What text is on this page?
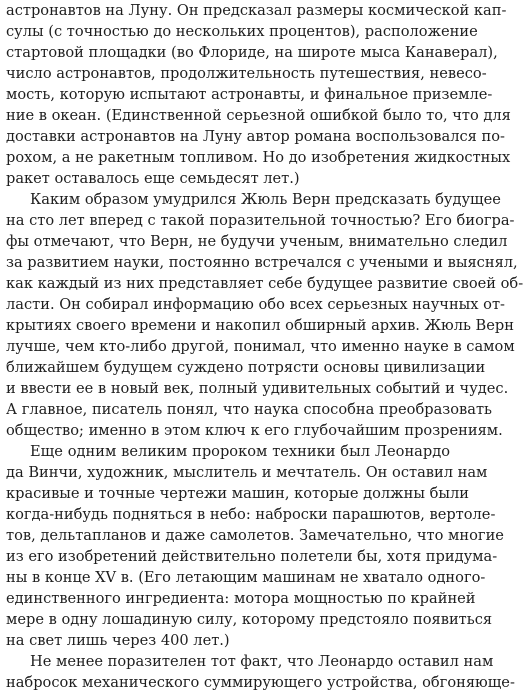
астронавтов на Луну. Он предсказал размеры космической кап-
сулы (с точностью до нескольких процентов), расположение
стартовой площадки (во Флориде, на широте мыса Канаверал),
число астронавтов, продолжительность путешествия, невесо-
мость, которую испытают астронавты, и финальное приземле-
ние в океан. (Единственной серьезной ошибкой было то, что для
доставки астронавтов на Луну автор романа воспользовался по-
рохом, а не ракетным топливом. Но до изобретения жидкостных
ракет оставалось еще семьдесят лет.)
Каким образом умудрился Жюль Верн предсказать будущее
на сто лет вперед с такой поразительной точностью? Его биогра-
фы отмечают, что Верн, не будучи ученым, внимательно следил
за развитием науки, постоянно встречался с учеными и выяснял,
как каждый из них представляет себе будущее развитие своей об-
ласти. Он собирал информацию обо всех серьезных научных от-
крытиях своего времени и накопил обширный архив. Жюль Верн
лучше, чем кто-либо другой, понимал, что именно науке в самом
ближайшем будущем суждено потрясти основы цивилизации
и ввести ее в новый век, полный удивительных событий и чудес.
А главное, писатель понял, что наука способна преобразовать
общество; именно в этом ключ к его глубочайшим прозрениям.
Еще одним великим пророком техники был Леонардо
да Винчи, художник, мыслитель и мечтатель. Он оставил нам
красивые и точные чертежи машин, которые должны были
когда-нибудь подняться в небо: наброски парашютов, вертоле-
тов, дельтапланов и даже самолетов. Замечательно, что многие
из его изобретений действительно полетели бы, хотя придума-
ны в конце XV в. (Его летающим машинам не хватало одного-
единственного ингредиента: мотора мощностью по крайней
мере в одну лошадиную силу, которому предстояло появиться
на свет лишь через 400 лет.)
Не менее поразителен тот факт, что Леонардо оставил нам
набросок механического суммирующего устройства, обгоняюще-
